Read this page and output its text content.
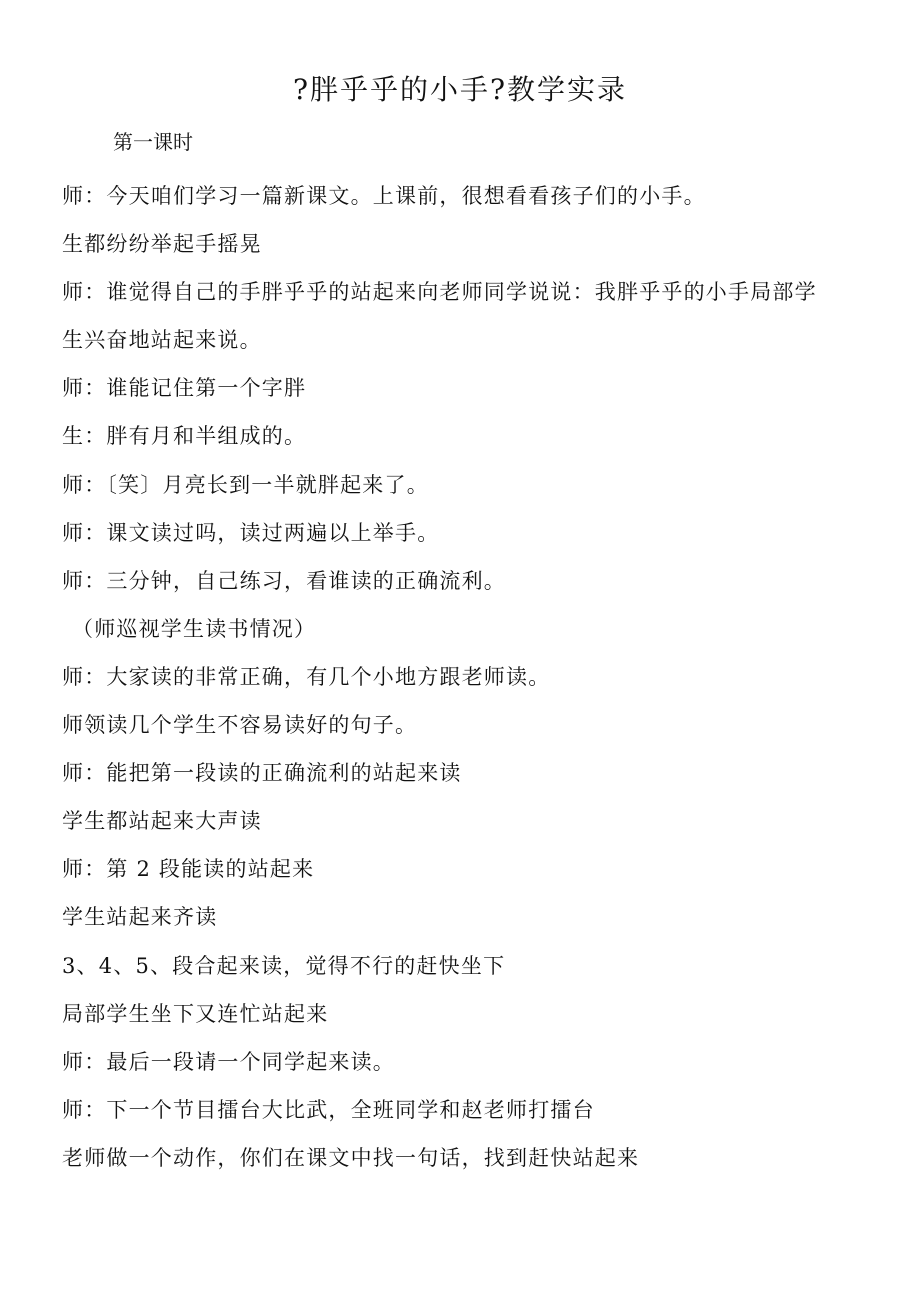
?胖乎乎的小手?教学实录
第一课时
师：今天咱们学习一篇新课文。上课前，很想看看孩子们的小手。
生都纷纷举起手摇晃
师：谁觉得自己的手胖乎乎的站起来向老师同学说说：我胖乎乎的小手局部学
生兴奋地站起来说。
师：谁能记住第一个字胖
生：胖有月和半组成的。
师：〔笑〕月亮长到一半就胖起来了。
师：课文读过吗，读过两遍以上举手。
师：三分钟，自己练习，看谁读的正确流利。
（师巡视学生读书情况）
师：大家读的非常正确，有几个小地方跟老师读。
师领读几个学生不容易读好的句子。
师：能把第一段读的正确流利的站起来读
学生都站起来大声读
师：第 2 段能读的站起来
学生站起来齐读
3、4、5、段合起来读，觉得不行的赶快坐下
局部学生坐下又连忙站起来
师：最后一段请一个同学起来读。
师：下一个节目擂台大比武，全班同学和赵老师打擂台
老师做一个动作，你们在课文中找一句话，找到赶快站起来
